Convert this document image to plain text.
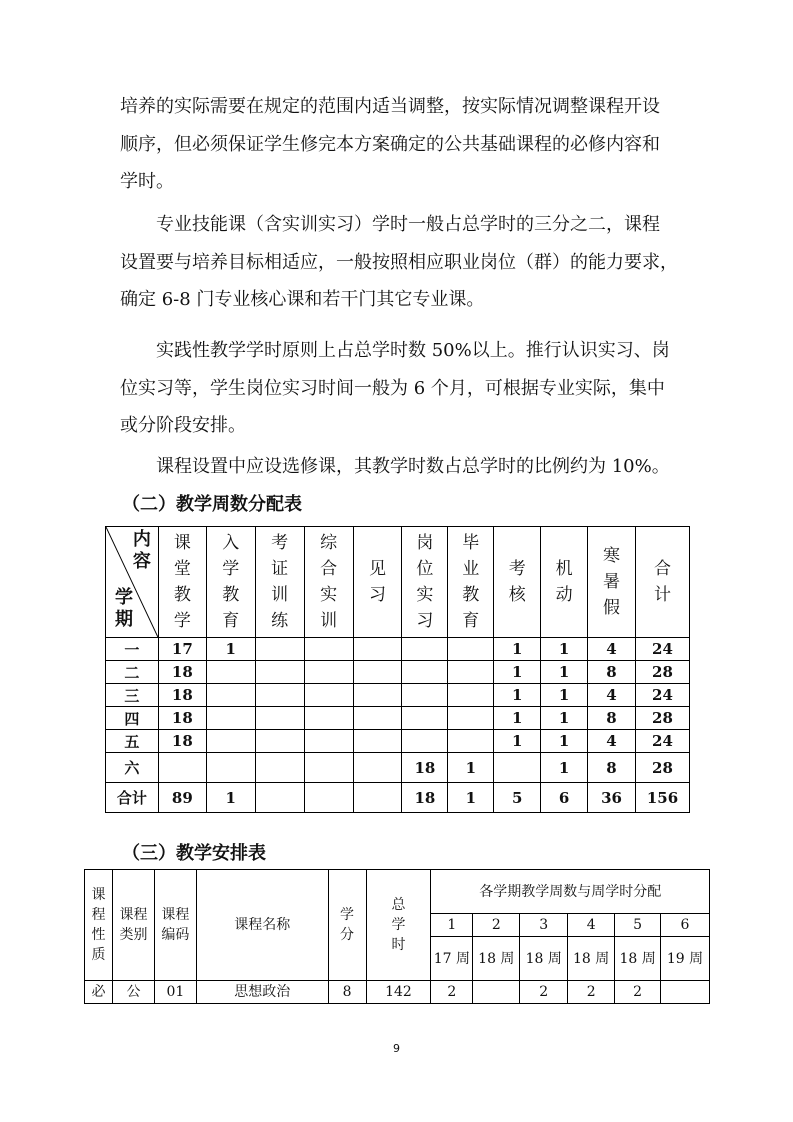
培养的实际需要在规定的范围内适当调整，按实际情况调整课程开设
顺序，但必须保证学生修完本方案确定的公共基础课程的必修内容和
学时。

　　专业技能课（含实训实习）学时一般占总学时的三分之二，课程
设置要与培养目标相适应，一般按照相应职业岗位（群）的能力要求，
确定 6-8 门专业核心课和若干门其它专业课。

　　实践性教学学时原则上占总学时数 50%以上。推行认识实习、岗
位实习等，学生岗位实习时间一般为 6 个月，可根据专业实际，集中
或分阶段安排。

　　课程设置中应设选修课，其教学时数占总学时的比例约为 10%。

（二）教学周数分配表
内容
学期	课堂教学	入学教育	考证训练	综合实训	见　习	岗位实习	毕业教育	考　核	机　动	寒暑假	合　计
一	17	1						1	1	4	24
二	18							1	1	8	28
三	18							1	1	4	24
四	18							1	1	8	28
五	18							1	1	4	24
六						18	1		1	8	28
合计	89	1				18	1	5	6	36	156
（三）教学安排表
课程性质	课程类别	课程编码	课程名称	学分	总学时	各学期教学周数与周学时分配					
						1	2	3	4	5	6
						17 周	18 周	18 周	18 周	18 周	19 周
必	公	01	思想政治	8	142	2		2	2	2	
9
